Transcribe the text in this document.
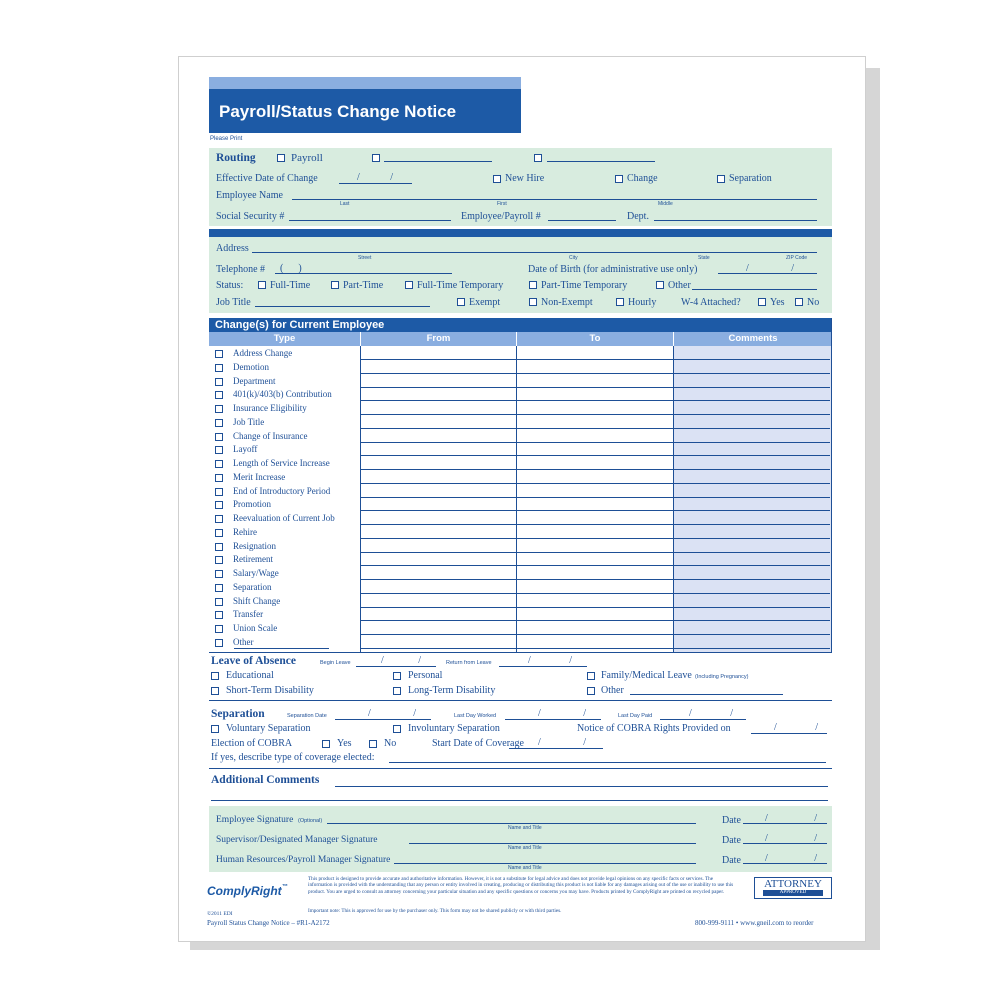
Payroll/Status Change Notice
Please Print
Routing	Payroll
Effective Date of Change	/ /	New Hire	Change	Separation
Employee Name
Last	First	Middle
Social Security #	Employee/Payroll #	Dept.
Address
Street	City	State	ZIP Code
Telephone # (      )	Date of Birth (for administrative use only)	/ /
Status:	Full-Time	Part-Time	Full-Time Temporary	Part-Time Temporary	Other
Job Title	Exempt	Non-Exempt	Hourly W-4 Attached?	Yes No
Change(s) for Current Employee
Type	From	To	Comments
Address Change
Demotion
Department
401(k)/403(b) Contribution
Insurance Eligibility
Job Title
Change of Insurance
Layoff
Length of Service Increase
Merit Increase
End of Introductory Period
Promotion
Reevaluation of Current Job
Rehire
Resignation
Retirement
Salary/Wage
Separation
Shift Change
Transfer
Union Scale
Other
Leave of Absence	Begin Leave	/ / Return from Leave	/ /
Educational	Personal	Family/Medical Leave (Including Pregnancy)
Short-Term Disability	Long-Term Disability	Other
Separation	Separation Date	/ /	Last Day Worked	/ / Last Day Paid	/ /
Voluntary Separation	Involuntary Separation	Notice of COBRA Rights Provided on	/ /
Election of COBRA	Yes	No	Start Date of Coverage / /
If yes, describe type of coverage elected:
Additional Comments
Employee Signature (Optional)
Name and Title
Date / /
Supervisor/Designated Manager Signature
Name and Title
Date / /
Human Resources/Payroll Manager Signature
Name and Title
Date / /
ComplyRight™
This product is designed to provide accurate and authoritative information. However, it is not a substitute for legal advice and does not provide legal opinions on any specific facts or services. The information is provided with the understanding that any person or entity involved in creating, producing or distributing this product is not liable for any damages arising out of the use or inability to use this product. You are urged to consult an attorney concerning your particular situation and any specific questions or concerns you may have. Products printed by ComplyRight are printed on recycled paper.
Important note: This is approved for use by the purchaser only. This form may not be shared publicly or with third parties.
ATTORNEY
APPROVED
©2011 EDI
Payroll Status Change Notice – #R1-A2172	800-999-9111 • www.gneil.com to reorder
